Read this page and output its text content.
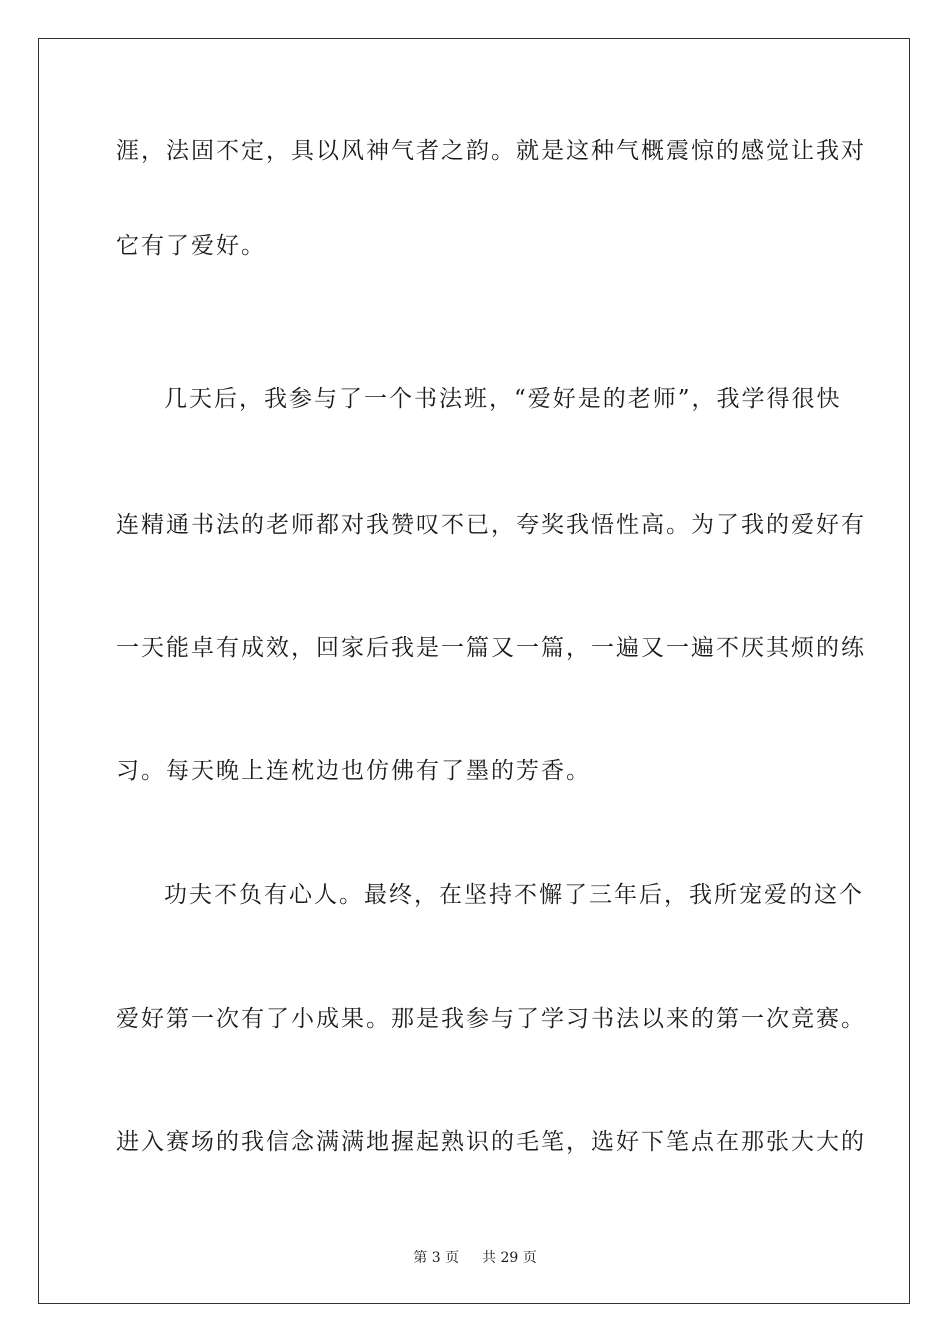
涯，法固不定，具以风神气者之韵。就是这种气概震惊的感觉让我对
它有了爱好。
几天后，我参与了一个书法班，“爱好是的老师”，我学得很快
连精通书法的老师都对我赞叹不已，夸奖我悟性高。为了我的爱好有
一天能卓有成效，回家后我是一篇又一篇，一遍又一遍不厌其烦的练
习。每天晚上连枕边也仿佛有了墨的芳香。
功夫不负有心人。最终，在坚持不懈了三年后，我所宠爱的这个
爱好第一次有了小成果。那是我参与了学习书法以来的第一次竞赛。
进入赛场的我信念满满地握起熟识的毛笔，选好下笔点在那张大大的
第 3 页 共 29 页
